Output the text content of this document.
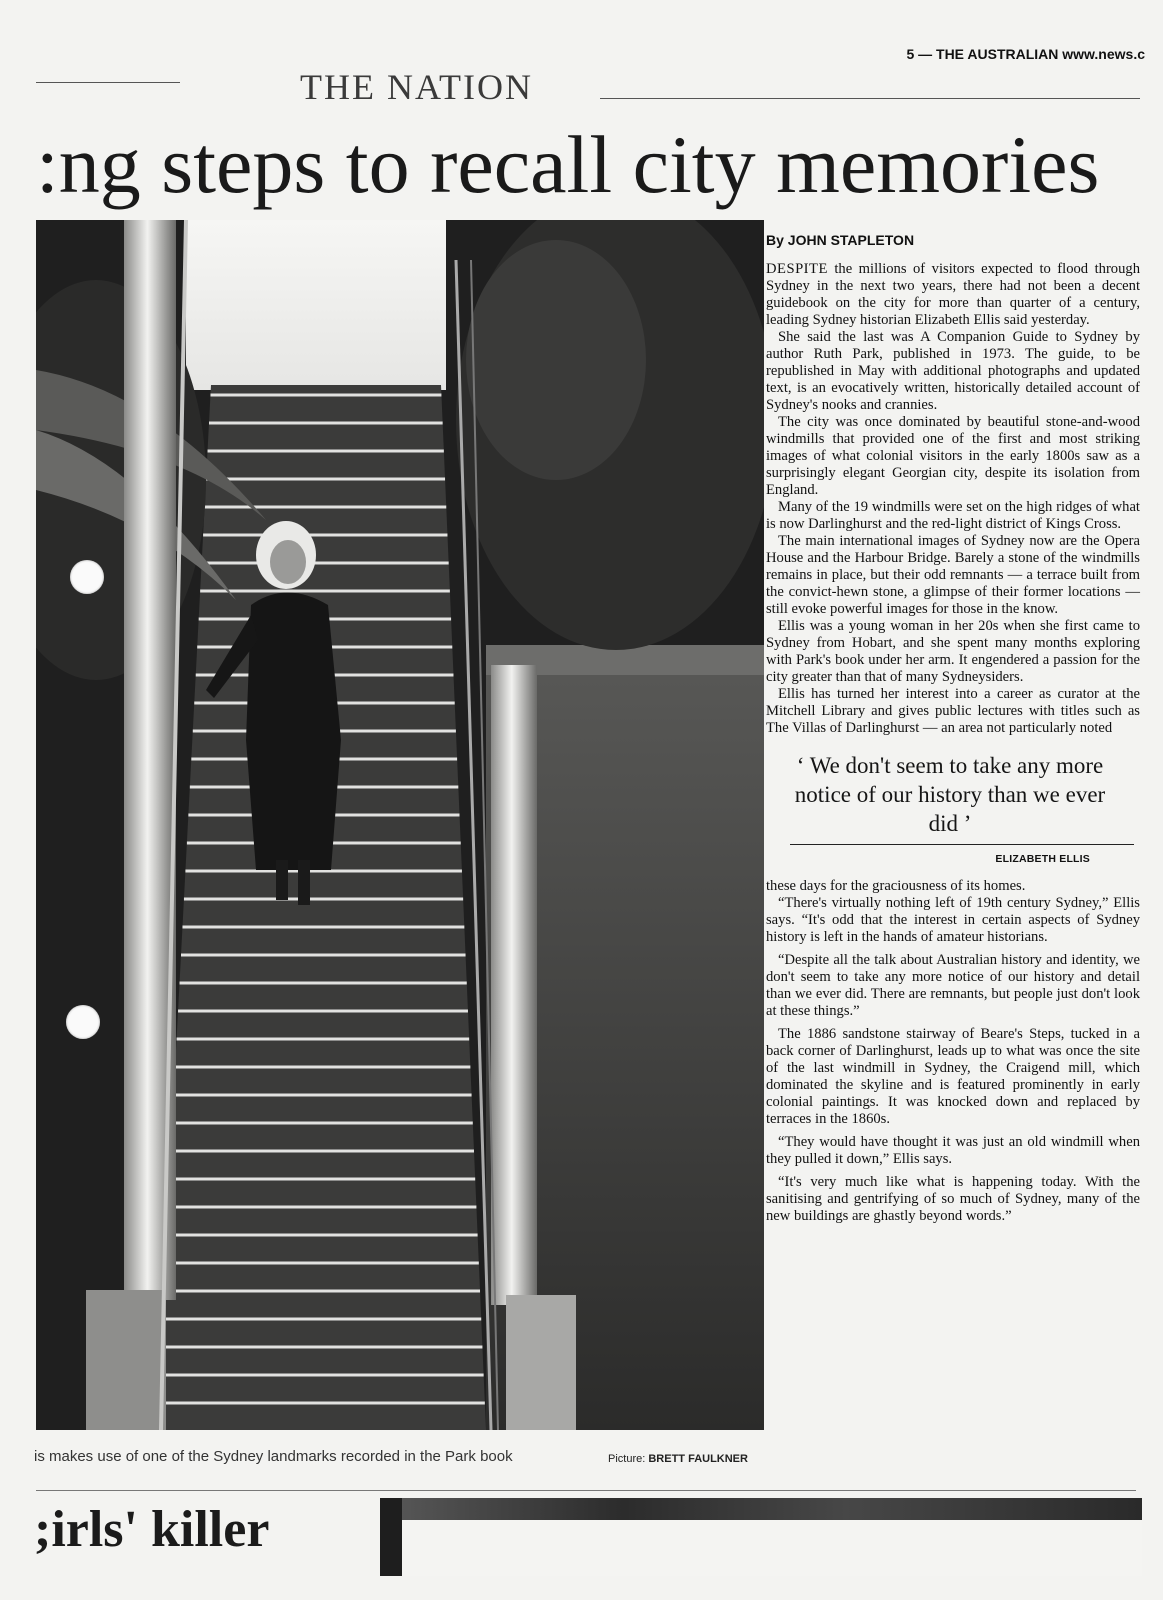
THE NATION
5 — THE AUSTRALIAN www.news.c
:ng steps to recall city memories
is makes use of one of the Sydney landmarks recorded in the Park book	Picture: BRETT FAULKNER
By JOHN STAPLETON

DESPITE the millions of visitors expected to flood through Sydney in the next two years, there had not been a decent guidebook on the city for more than quarter of a century, leading Sydney historian Elizabeth Ellis said yesterday.

She said the last was A Companion Guide to Sydney by author Ruth Park, published in 1973. The guide, to be republished in May with additional photographs and updated text, is an evocatively written, historically detailed account of Sydney's nooks and crannies.

The city was once dominated by beautiful stone-and-wood windmills that provided one of the first and most striking images of what colonial visitors in the early 1800s saw as a surprisingly elegant Georgian city, despite its isolation from England.

Many of the 19 windmills were set on the high ridges of what is now Darlinghurst and the red-light district of Kings Cross.

The main international images of Sydney now are the Opera House and the Harbour Bridge. Barely a stone of the windmills remains in place, but their odd remnants — a terrace built from the convict-hewn stone, a glimpse of their former locations — still evoke powerful images for those in the know.

Ellis was a young woman in her 20s when she first came to Sydney from Hobart, and she spent many months exploring with Park's book under her arm. It engendered a passion for the city greater than that of many Sydneysiders.

Ellis has turned her interest into a career as curator at the Mitchell Library and gives public lectures with titles such as The Villas of Darlinghurst — an area not particularly noted

‘ We don't seem to take any more notice of our history than we ever did ’
ELIZABETH ELLIS

these days for the graciousness of its homes.

“There's virtually nothing left of 19th century Sydney,” Ellis says. “It's odd that the interest in certain aspects of Sydney history is left in the hands of amateur historians.

“Despite all the talk about Australian history and identity, we don't seem to take any more notice of our history and detail than we ever did. There are remnants, but people just don't look at these things.”

The 1886 sandstone stairway of Beare's Steps, tucked in a back corner of Darlinghurst, leads up to what was once the site of the last windmill in Sydney, the Craigend mill, which dominated the skyline and is featured prominently in early colonial paintings. It was knocked down and replaced by terraces in the 1860s.

“They would have thought it was just an old windmill when they pulled it down,” Ellis says.

“It's very much like what is happening today. With the sanitising and gentrifying of so much of Sydney, many of the new buildings are ghastly beyond words.”

;irls' killer
